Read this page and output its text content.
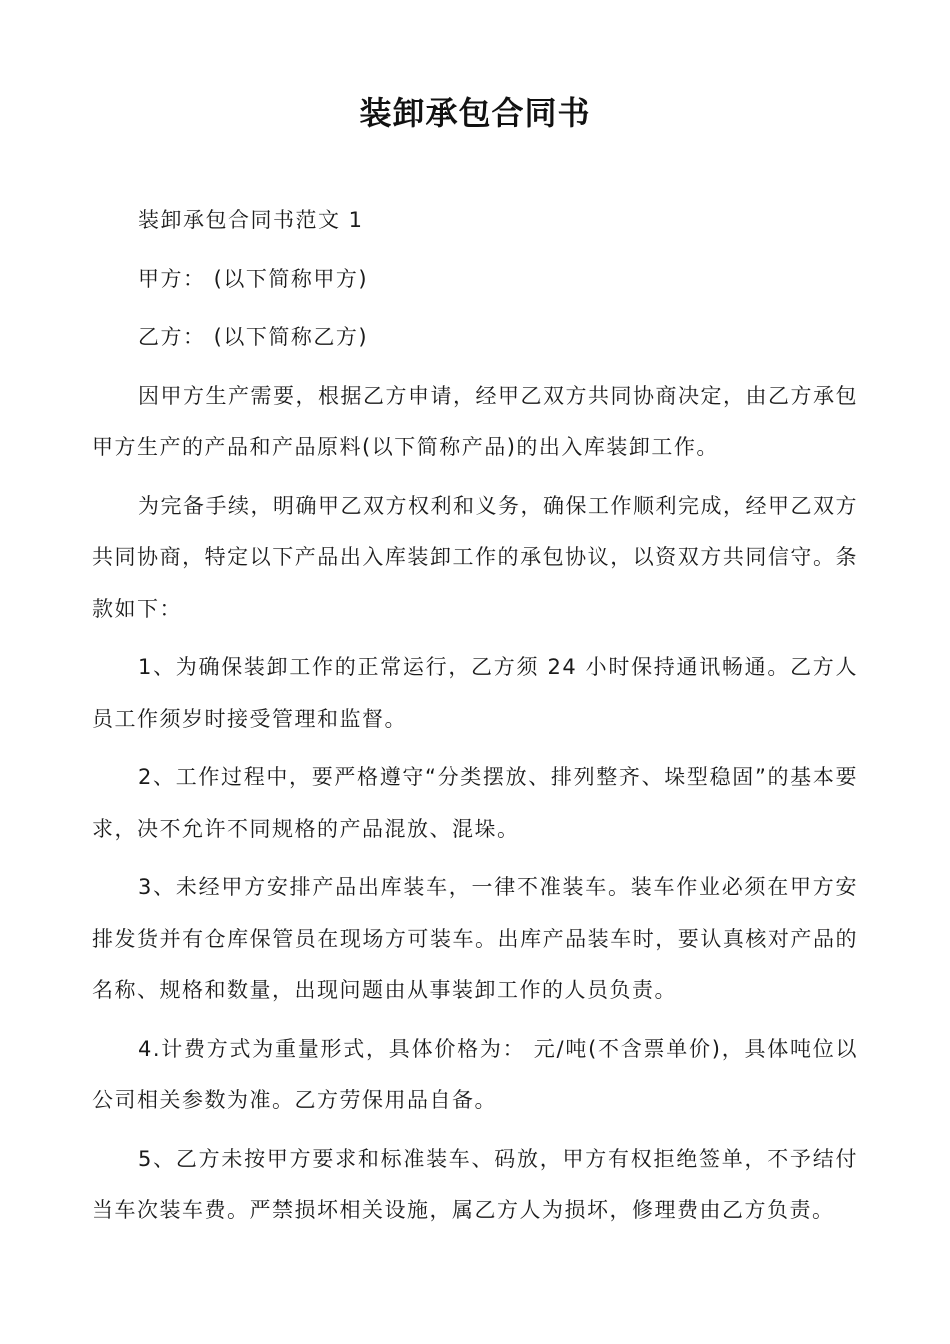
装卸承包合同书

装卸承包合同书范文 1

甲方： (以下简称甲方)

乙方： (以下简称乙方)

因甲方生产需要，根据乙方申请，经甲乙双方共同协商决定，由乙方承包甲方生产的产品和产品原料(以下简称产品)的出入库装卸工作。

为完备手续，明确甲乙双方权利和义务，确保工作顺利完成，经甲乙双方共同协商，特定以下产品出入库装卸工作的承包协议，以资双方共同信守。条款如下：

1、为确保装卸工作的正常运行，乙方须 24 小时保持通讯畅通。乙方人员工作须岁时接受管理和监督。

2、工作过程中，要严格遵守“分类摆放、排列整齐、垛型稳固”的基本要求，决不允许不同规格的产品混放、混垛。

3、未经甲方安排产品出库装车，一律不准装车。装车作业必须在甲方安排发货并有仓库保管员在现场方可装车。出库产品装车时，要认真核对产品的名称、规格和数量，出现问题由从事装卸工作的人员负责。

4.计费方式为重量形式，具体价格为： 元/吨(不含票单价)，具体吨位以公司相关参数为准。乙方劳保用品自备。

5、乙方未按甲方要求和标准装车、码放，甲方有权拒绝签单，不予结付当车次装车费。严禁损坏相关设施，属乙方人为损坏，修理费由乙方负责。
